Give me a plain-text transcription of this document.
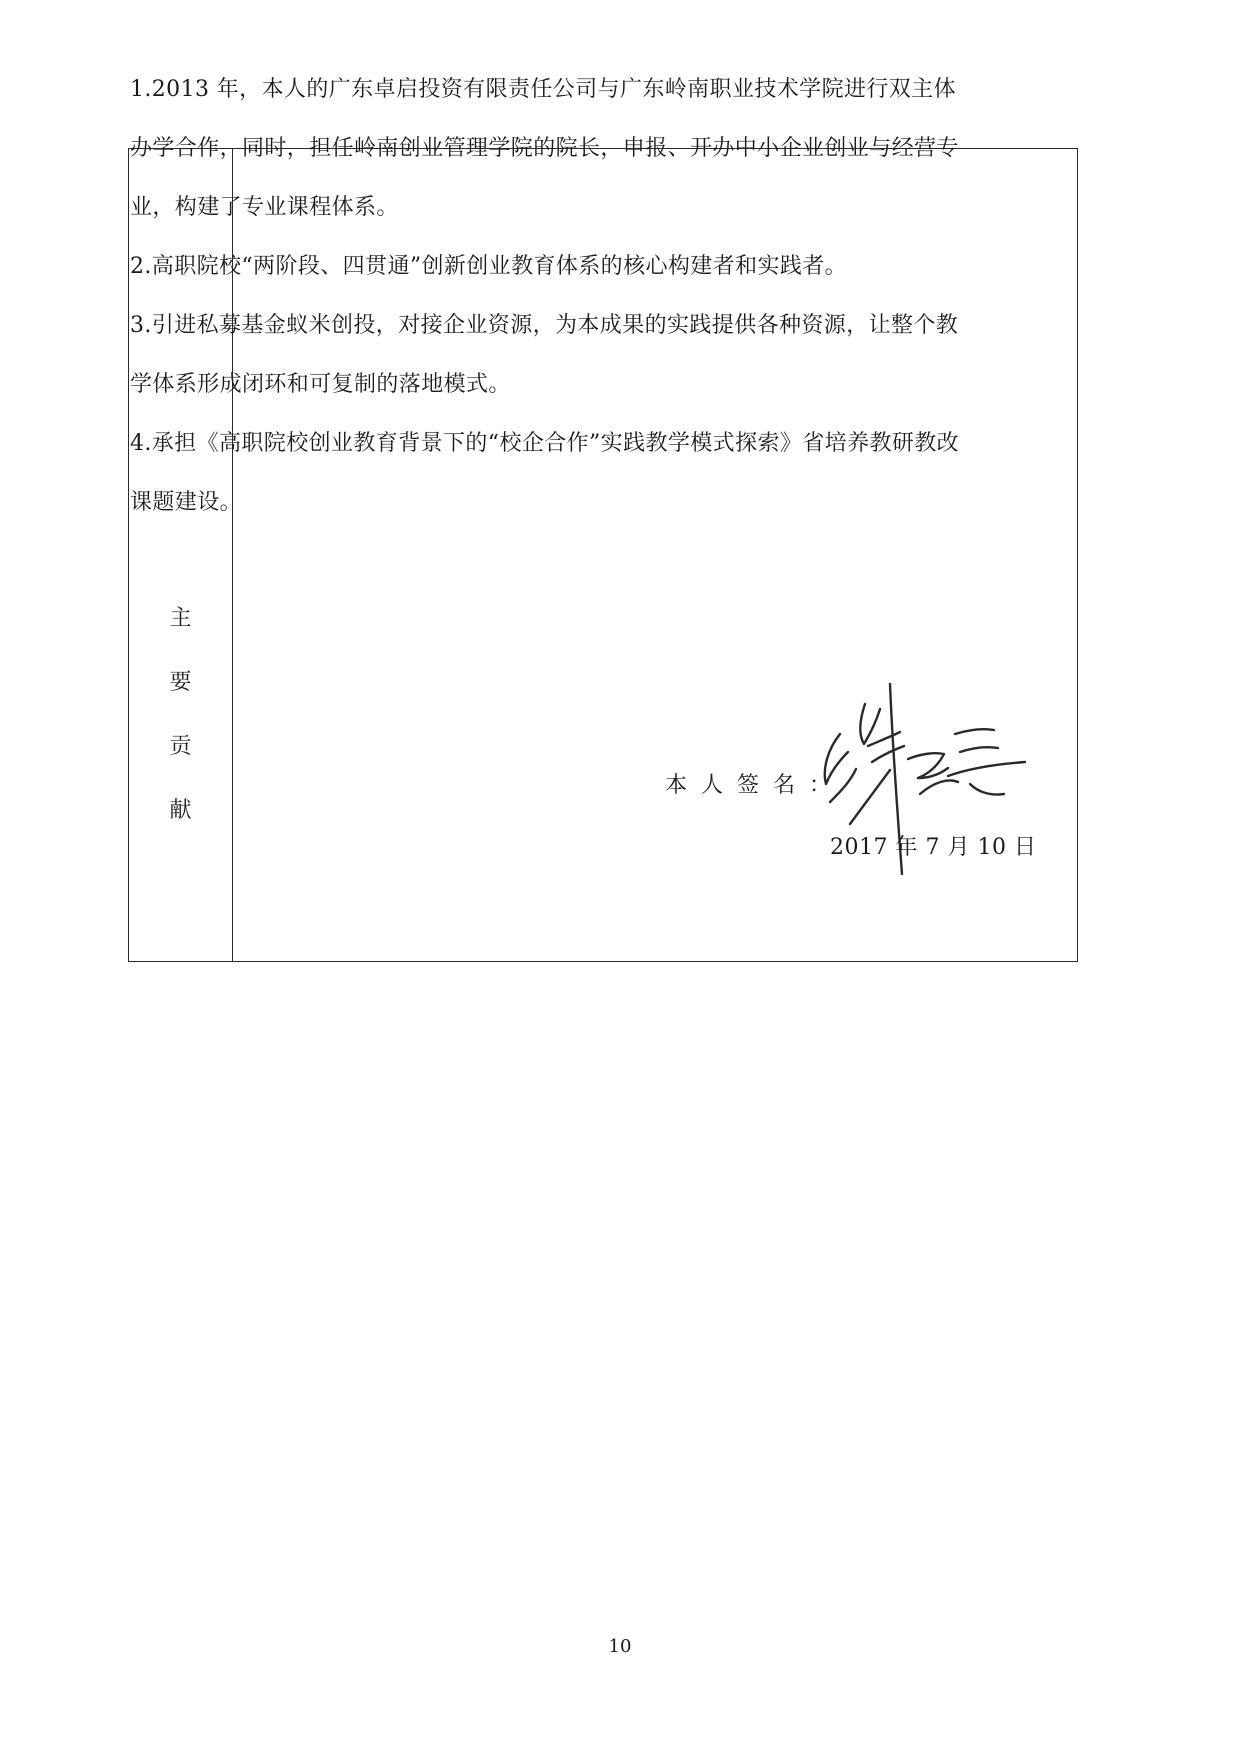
主
要
贡
献

1.2013 年，本人的广东卓启投资有限责任公司与广东岭南职业技术学院进行双主体办学合作，同时，担任岭南创业管理学院的院长，申报、开办中小企业创业与经营专业，构建了专业课程体系。

2.高职院校“两阶段、四贯通”创新创业教育体系的核心构建者和实践者。

3.引进私募基金蚁米创投，对接企业资源，为本成果的实践提供各种资源，让整个教学体系形成闭环和可复制的落地模式。

4.承担《高职院校创业教育背景下的“校企合作”实践教学模式探索》省培养教研教改课题建设。

本人签名：
2017 年 7 月 10 日
10
